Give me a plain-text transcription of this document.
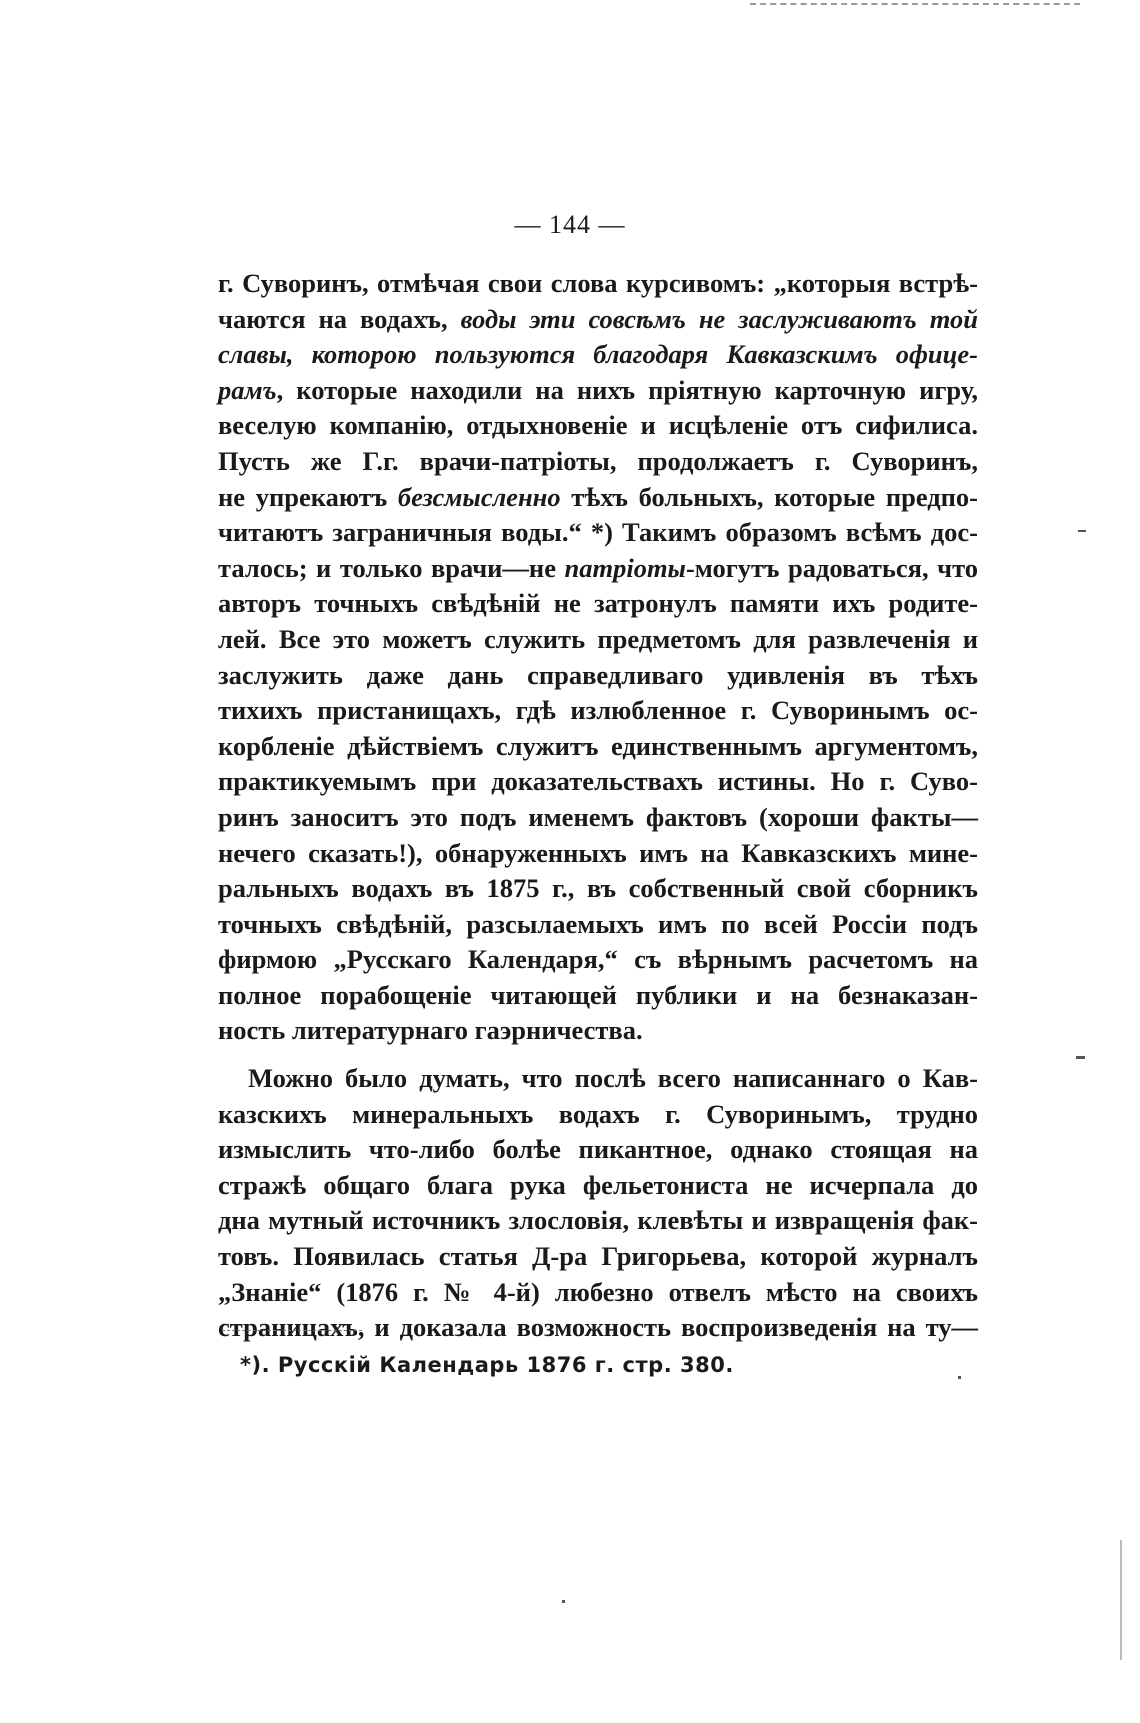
— 144 —
г. Суворинъ, отмѣчая свои слова курсивомъ: „которыя встрѣ-
чаются на водахъ, воды эти совсѣмъ не заслуживаютъ той
славы, которою пользуются благодаря Кавказскимъ офице-
рамъ, которые находили на нихъ пріятную карточную игру,
веселую компанію, отдыхновеніе и исцѣленіе отъ сифилиса.
Пусть же Г.г. врачи-патріоты, продолжаетъ г. Суворинъ,
не упрекаютъ безсмысленно тѣхъ больныхъ, которые предпо-
читаютъ заграничныя воды.“ *) Такимъ образомъ всѣмъ дос-
талось; и только врачи—не патріоты-могутъ радоваться, что
авторъ точныхъ свѣдѣній не затронулъ памяти ихъ родите-
лей. Все это можетъ служить предметомъ для развлеченія и
заслужить даже дань справедливаго удивленія въ тѣхъ
тихихъ пристанищахъ, гдѣ излюбленное г. Суворинымъ ос-
корбленіе дѣйствіемъ служитъ единственнымъ аргументомъ,
практикуемымъ при доказательствахъ истины. Но г. Суво-
ринъ заноситъ это подъ именемъ фактовъ (хороши факты—
нечего сказать!), обнаруженныхъ имъ на Кавказскихъ мине-
ральныхъ водахъ въ 1875 г., въ собственный свой сборникъ
точныхъ свѣдѣній, разсылаемыхъ имъ по всей Россіи подъ
фирмою „Русскаго Календаря,“ съ вѣрнымъ расчетомъ на
полное порабощеніе читающей публики и на безнаказан-
ность литературнаго гаэрничества.
Можно было думать, что послѣ всего написаннаго о Кав-
казскихъ минеральныхъ водахъ г. Суворинымъ, трудно
измыслить что-либо болѣе пикантное, однако стоящая на
стражѣ общаго блага рука фельетониста не исчерпала до
дна мутный источникъ злословія, клевѣты и извращенія фак-
товъ. Появилась статья Д-ра Григорьева, которой журналъ
„Знаніе“ (1876 г. № 4-й) любезно отвелъ мѣсто на своихъ
страницахъ, и доказала возможность воспроизведенія на ту—
*). Русскій Календарь 1876 г. стр. 380.
